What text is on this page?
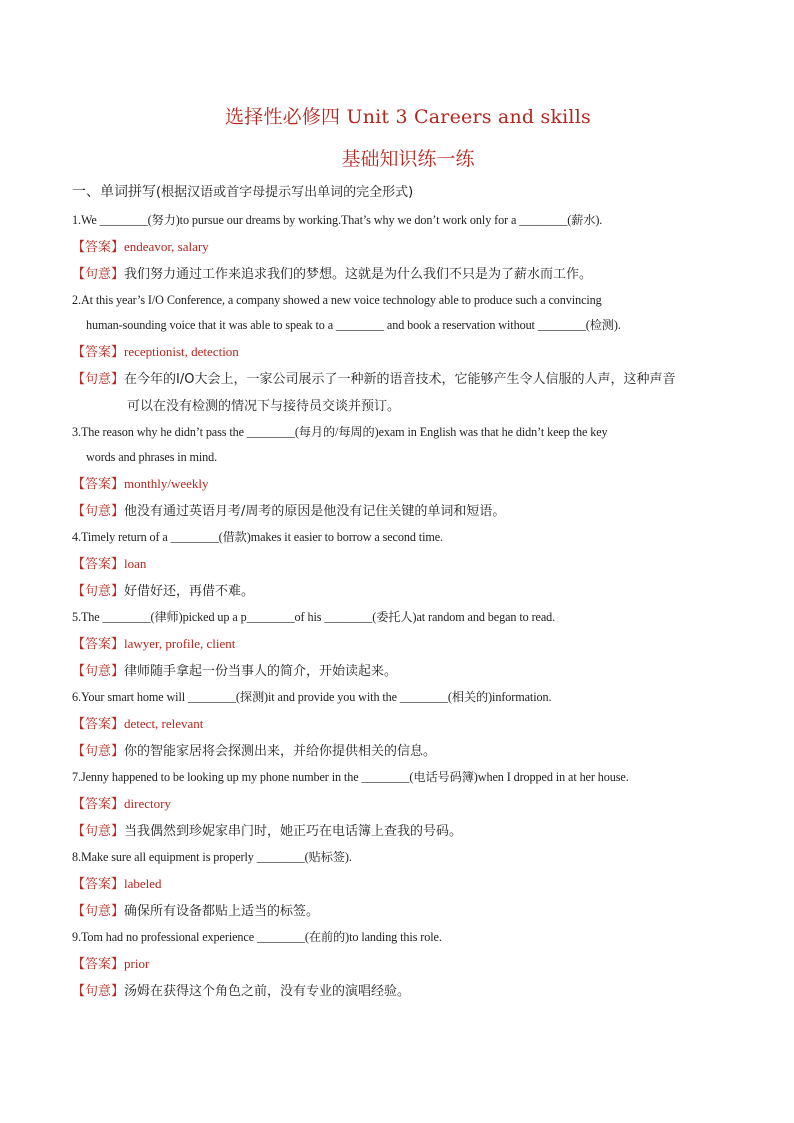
选择性必修四 Unit 3 Careers and skills
基础知识练一练
一、单词拼写(根据汉语或首字母提示写出单词的完全形式)
1.We ________(努力)to pursue our dreams by working.That’s why we don’t work only for a ________(薪水).
【答案】endeavor, salary
【句意】我们努力通过工作来追求我们的梦想。这就是为什么我们不只是为了薪水而工作。
2.At this year’s I/O Conference, a company showed a new voice technology able to produce such a convincing
human-sounding voice that it was able to speak to a ________ and book a reservation without ________(检测).
【答案】receptionist, detection
【句意】在今年的I/O大会上，一家公司展示了一种新的语音技术，它能够产生令人信服的人声，这种声音
可以在没有检测的情况下与接待员交谈并预订。
3.The reason why he didn’t pass the ________(每月的/每周的)exam in English was that he didn’t keep the key
words and phrases in mind.
【答案】monthly/weekly
【句意】他没有通过英语月考/周考的原因是他没有记住关键的单词和短语。
4.Timely return of a ________(借款)makes it easier to borrow a second time.
【答案】loan
【句意】好借好还，再借不难。
5.The ________(律师)picked up a p________of his ________(委托人)at random and began to read.
【答案】lawyer, profile, client
【句意】律师随手拿起一份当事人的简介，开始读起来。
6.Your smart home will ________(探测)it and provide you with the ________(相关的)information.
【答案】detect, relevant
【句意】你的智能家居将会探测出来，并给你提供相关的信息。
7.Jenny happened to be looking up my phone number in the ________(电话号码簿)when I dropped in at her house.
【答案】directory
【句意】当我偶然到珍妮家串门时，她正巧在电话簿上查我的号码。
8.Make sure all equipment is properly ________(贴标签).
【答案】labeled
【句意】确保所有设备都贴上适当的标签。
9.Tom had no professional experience ________(在前的)to landing this role.
【答案】prior
【句意】汤姆在获得这个角色之前，没有专业的演唱经验。
